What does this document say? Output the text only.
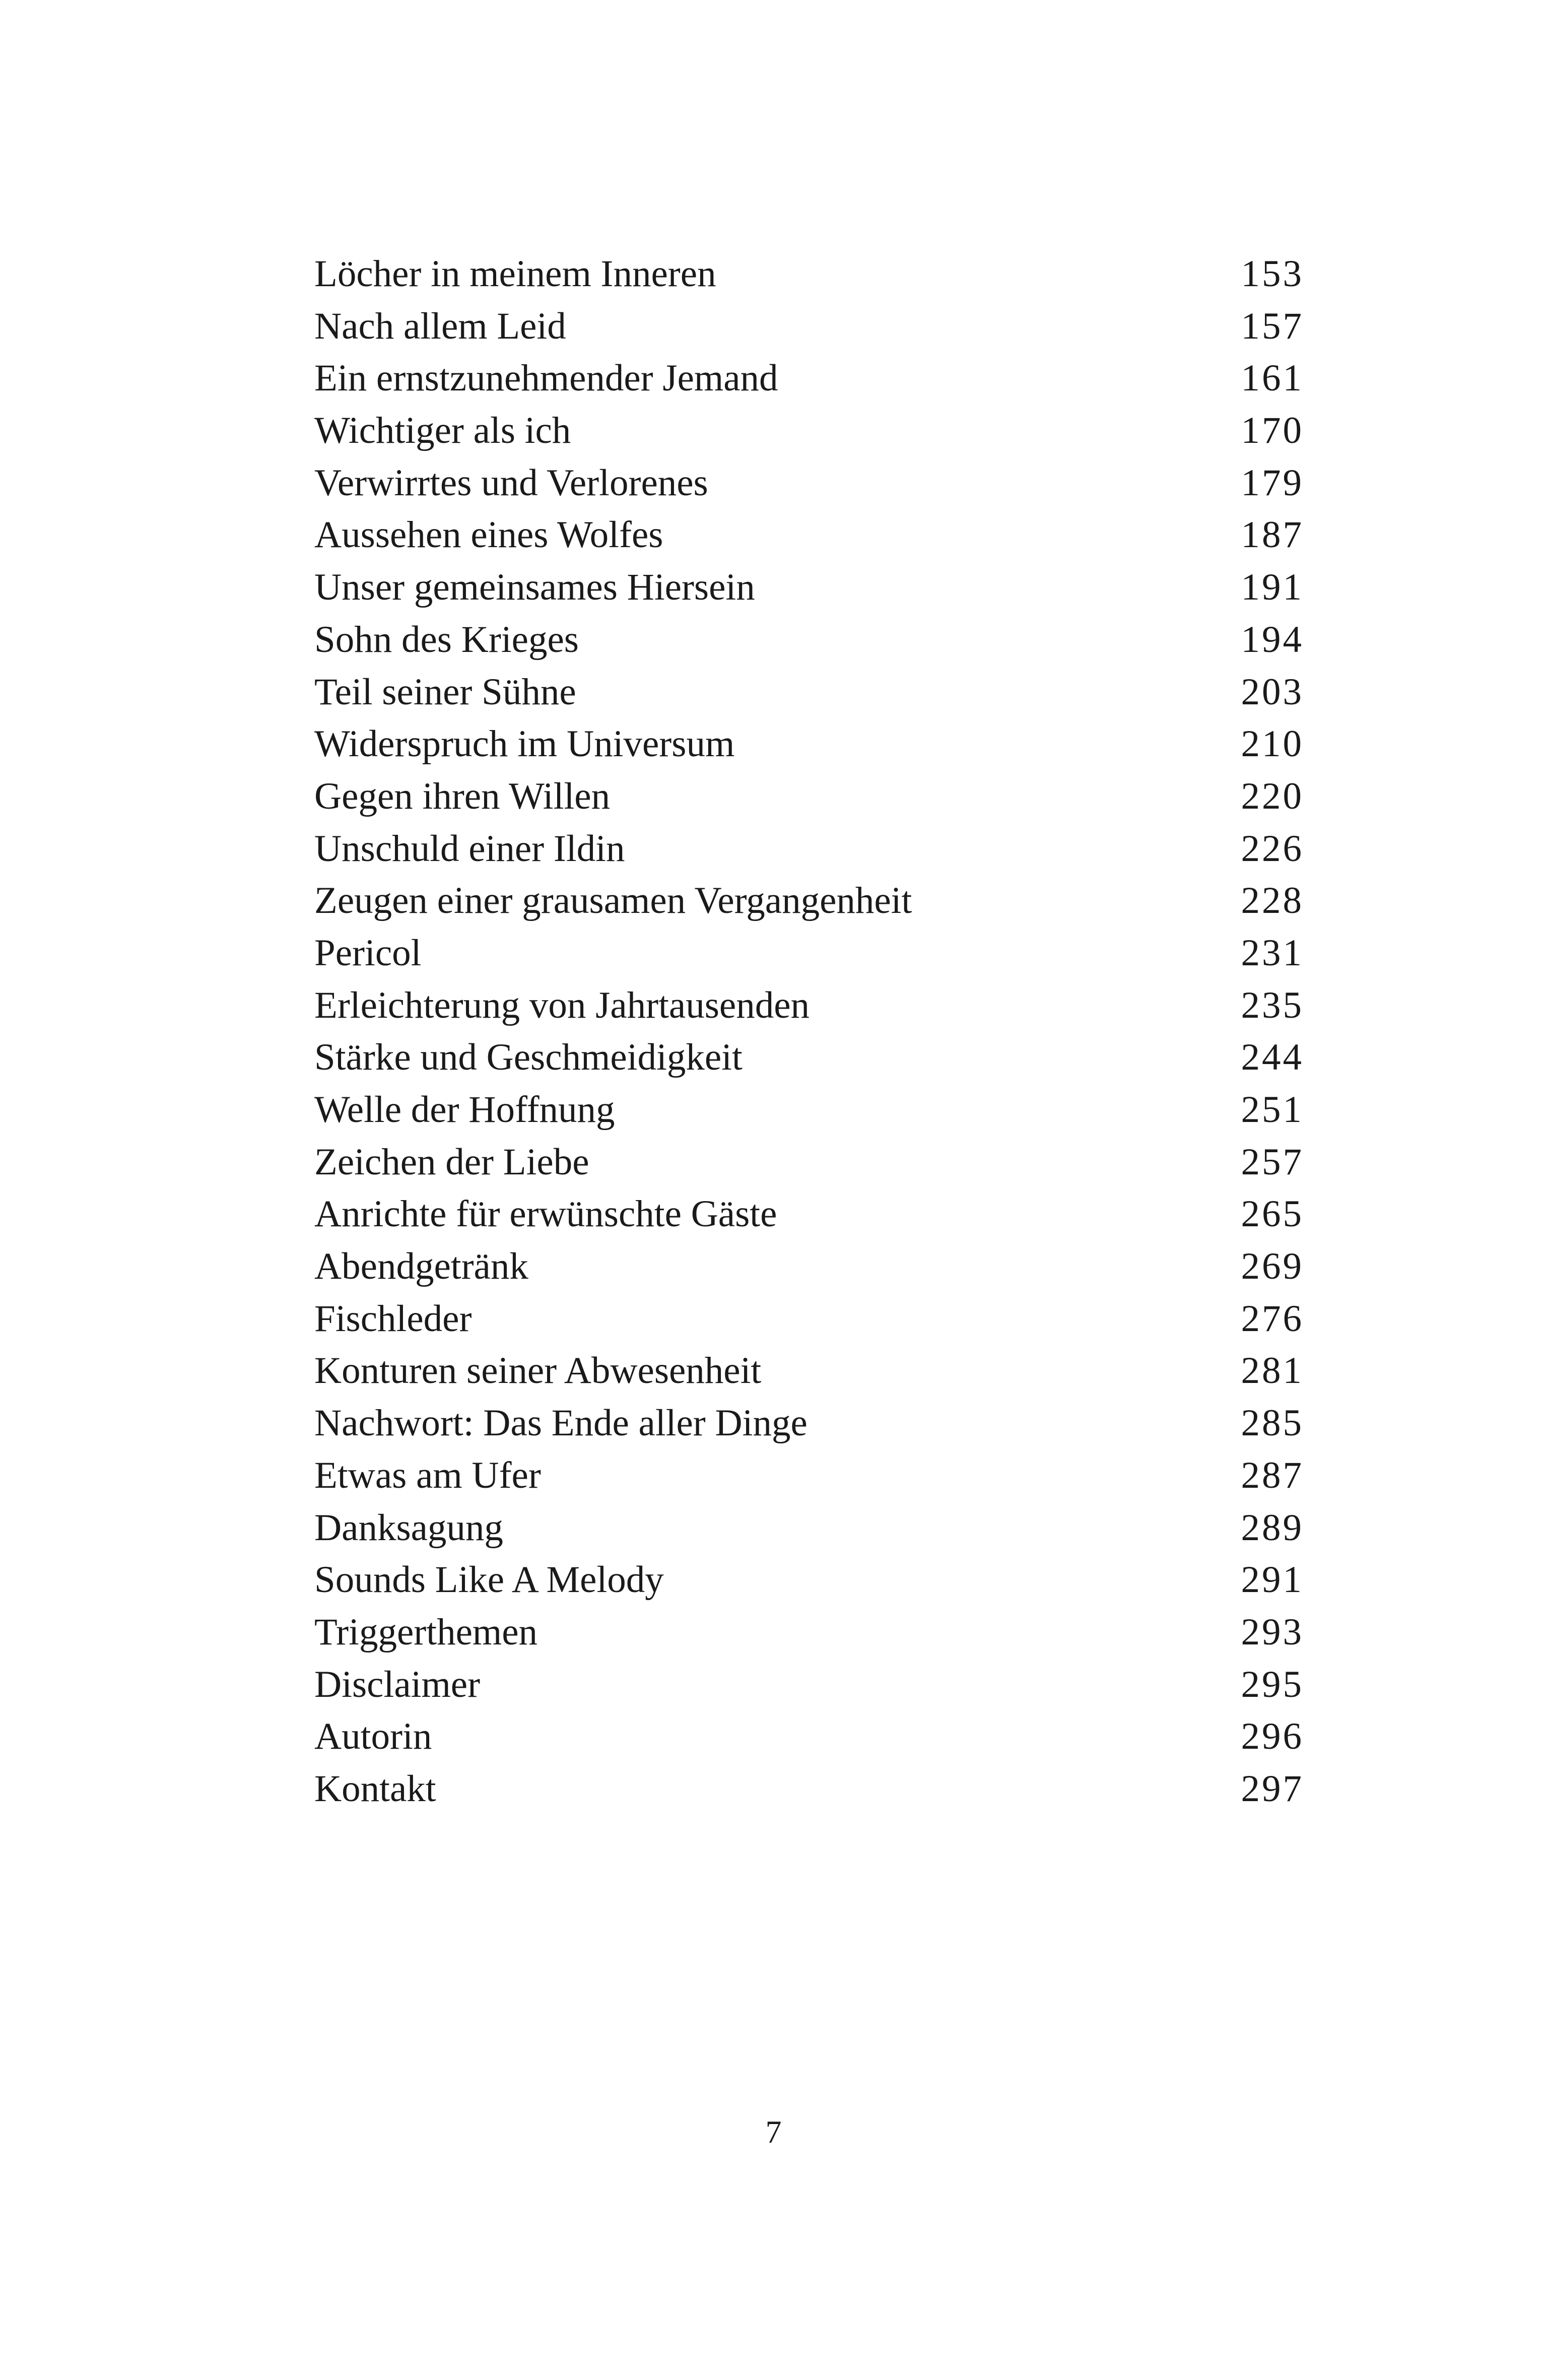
Löcher in meinem Inneren	153
Nach allem Leid	157
Ein ernstzunehmender Jemand	161
Wichtiger als ich	170
Verwirrtes und Verlorenes	179
Aussehen eines Wolfes	187
Unser gemeinsames Hiersein	191
Sohn des Krieges	194
Teil seiner Sühne	203
Widerspruch im Universum	210
Gegen ihren Willen	220
Unschuld einer Ildin	226
Zeugen einer grausamen Vergangenheit	228
Pericol	231
Erleichterung von Jahrtausenden	235
Stärke und Geschmeidigkeit	244
Welle der Hoffnung	251
Zeichen der Liebe	257
Anrichte für erwünschte Gäste	265
Abendgetränk	269
Fischleder	276
Konturen seiner Abwesenheit	281
Nachwort: Das Ende aller Dinge	285
Etwas am Ufer	287
Danksagung	289
Sounds Like A Melody	291
Triggerthemen	293
Disclaimer	295
Autorin	296
Kontakt	297
7
